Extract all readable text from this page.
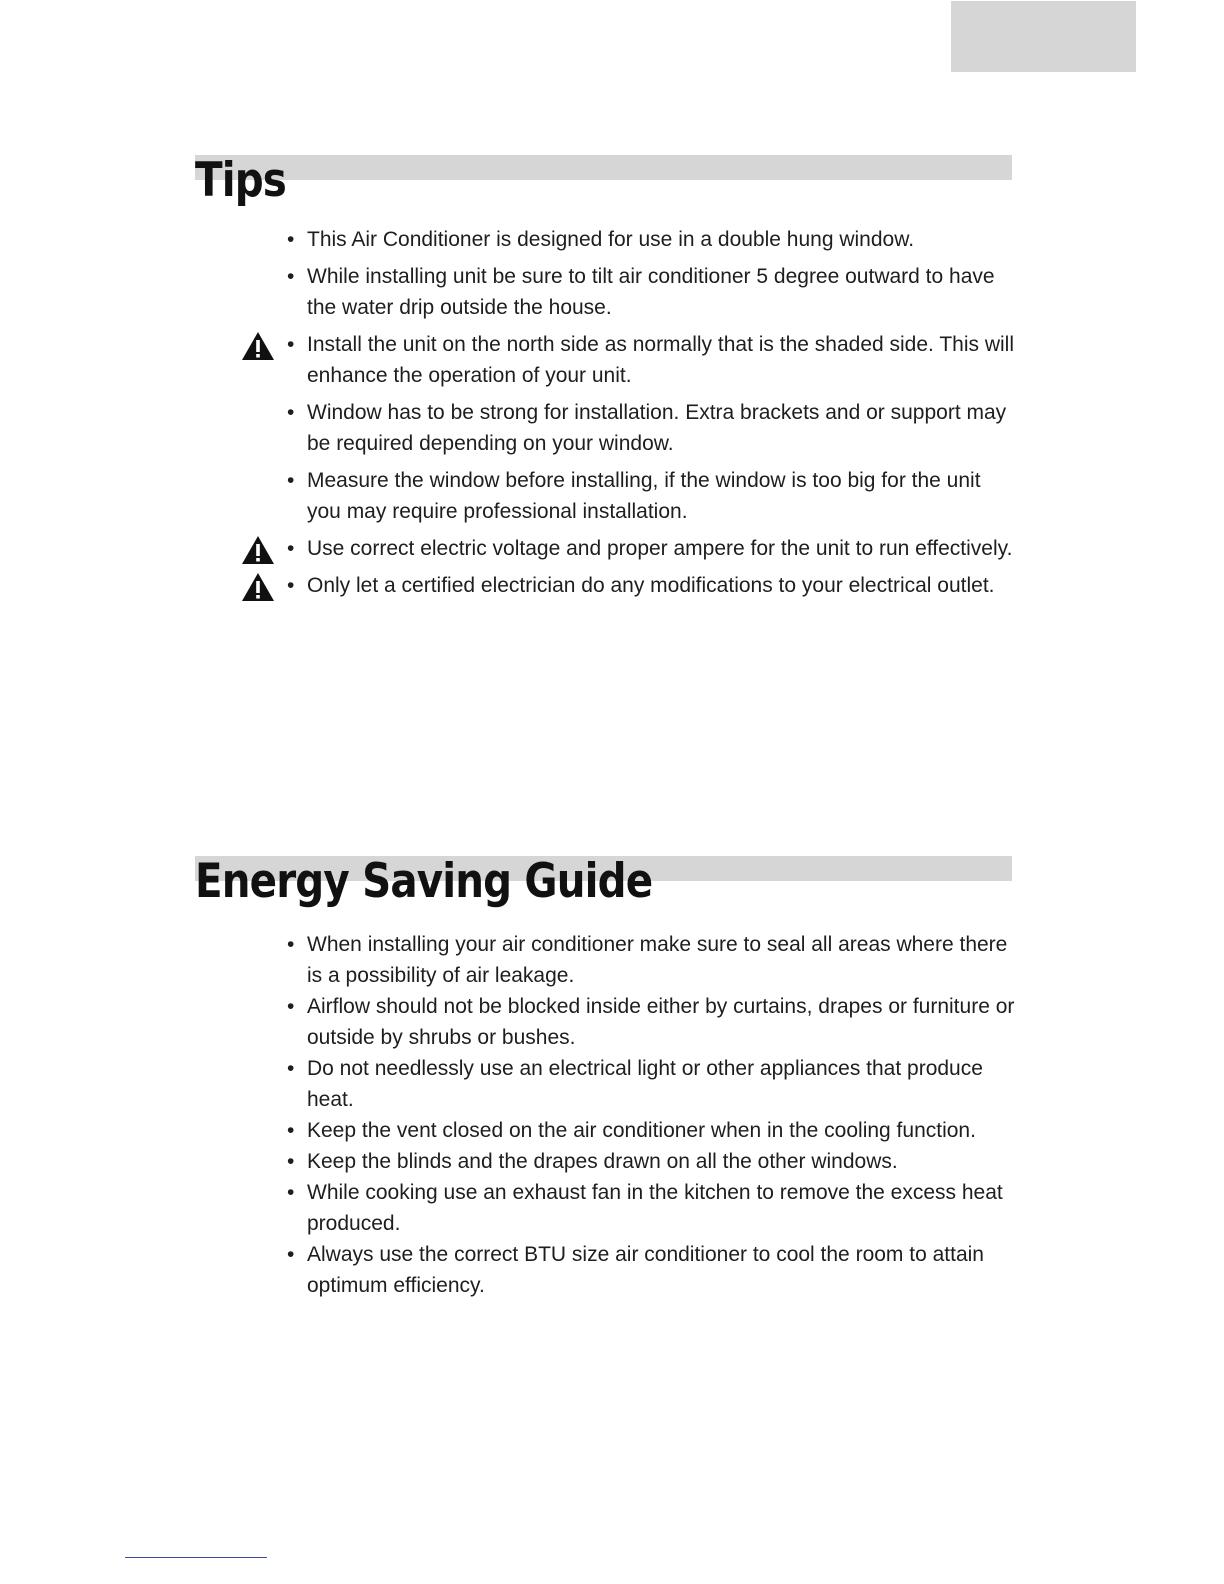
Tips
• This Air Conditioner is designed for use in a double hung window.
• While installing unit be sure to tilt air conditioner 5 degree outward to have the water drip outside the house.
• Install the unit on the north side as normally that is the shaded side. This will enhance the operation of your unit.
• Window has to be strong for installation. Extra brackets and or support may be required depending on your window.
• Measure the window before installing, if the window is too big for the unit you may require professional installation.
• Use correct electric voltage and proper ampere for the unit to run effectively.
• Only let a certified electrician do any modifications to your electrical outlet.
Energy Saving Guide
• When installing your air conditioner make sure to seal all areas where there is a possibility of air leakage.
• Airflow should not be blocked inside either by curtains, drapes or furniture or outside by shrubs or bushes.
• Do not needlessly use an electrical light or other appliances that produce heat.
• Keep the vent closed on the air conditioner when in the cooling function.
• Keep the blinds and the drapes drawn on all the other windows.
• While cooking use an exhaust fan in the kitchen to remove the excess heat produced.
• Always use the correct BTU size air conditioner to cool the room to attain optimum efficiency.
